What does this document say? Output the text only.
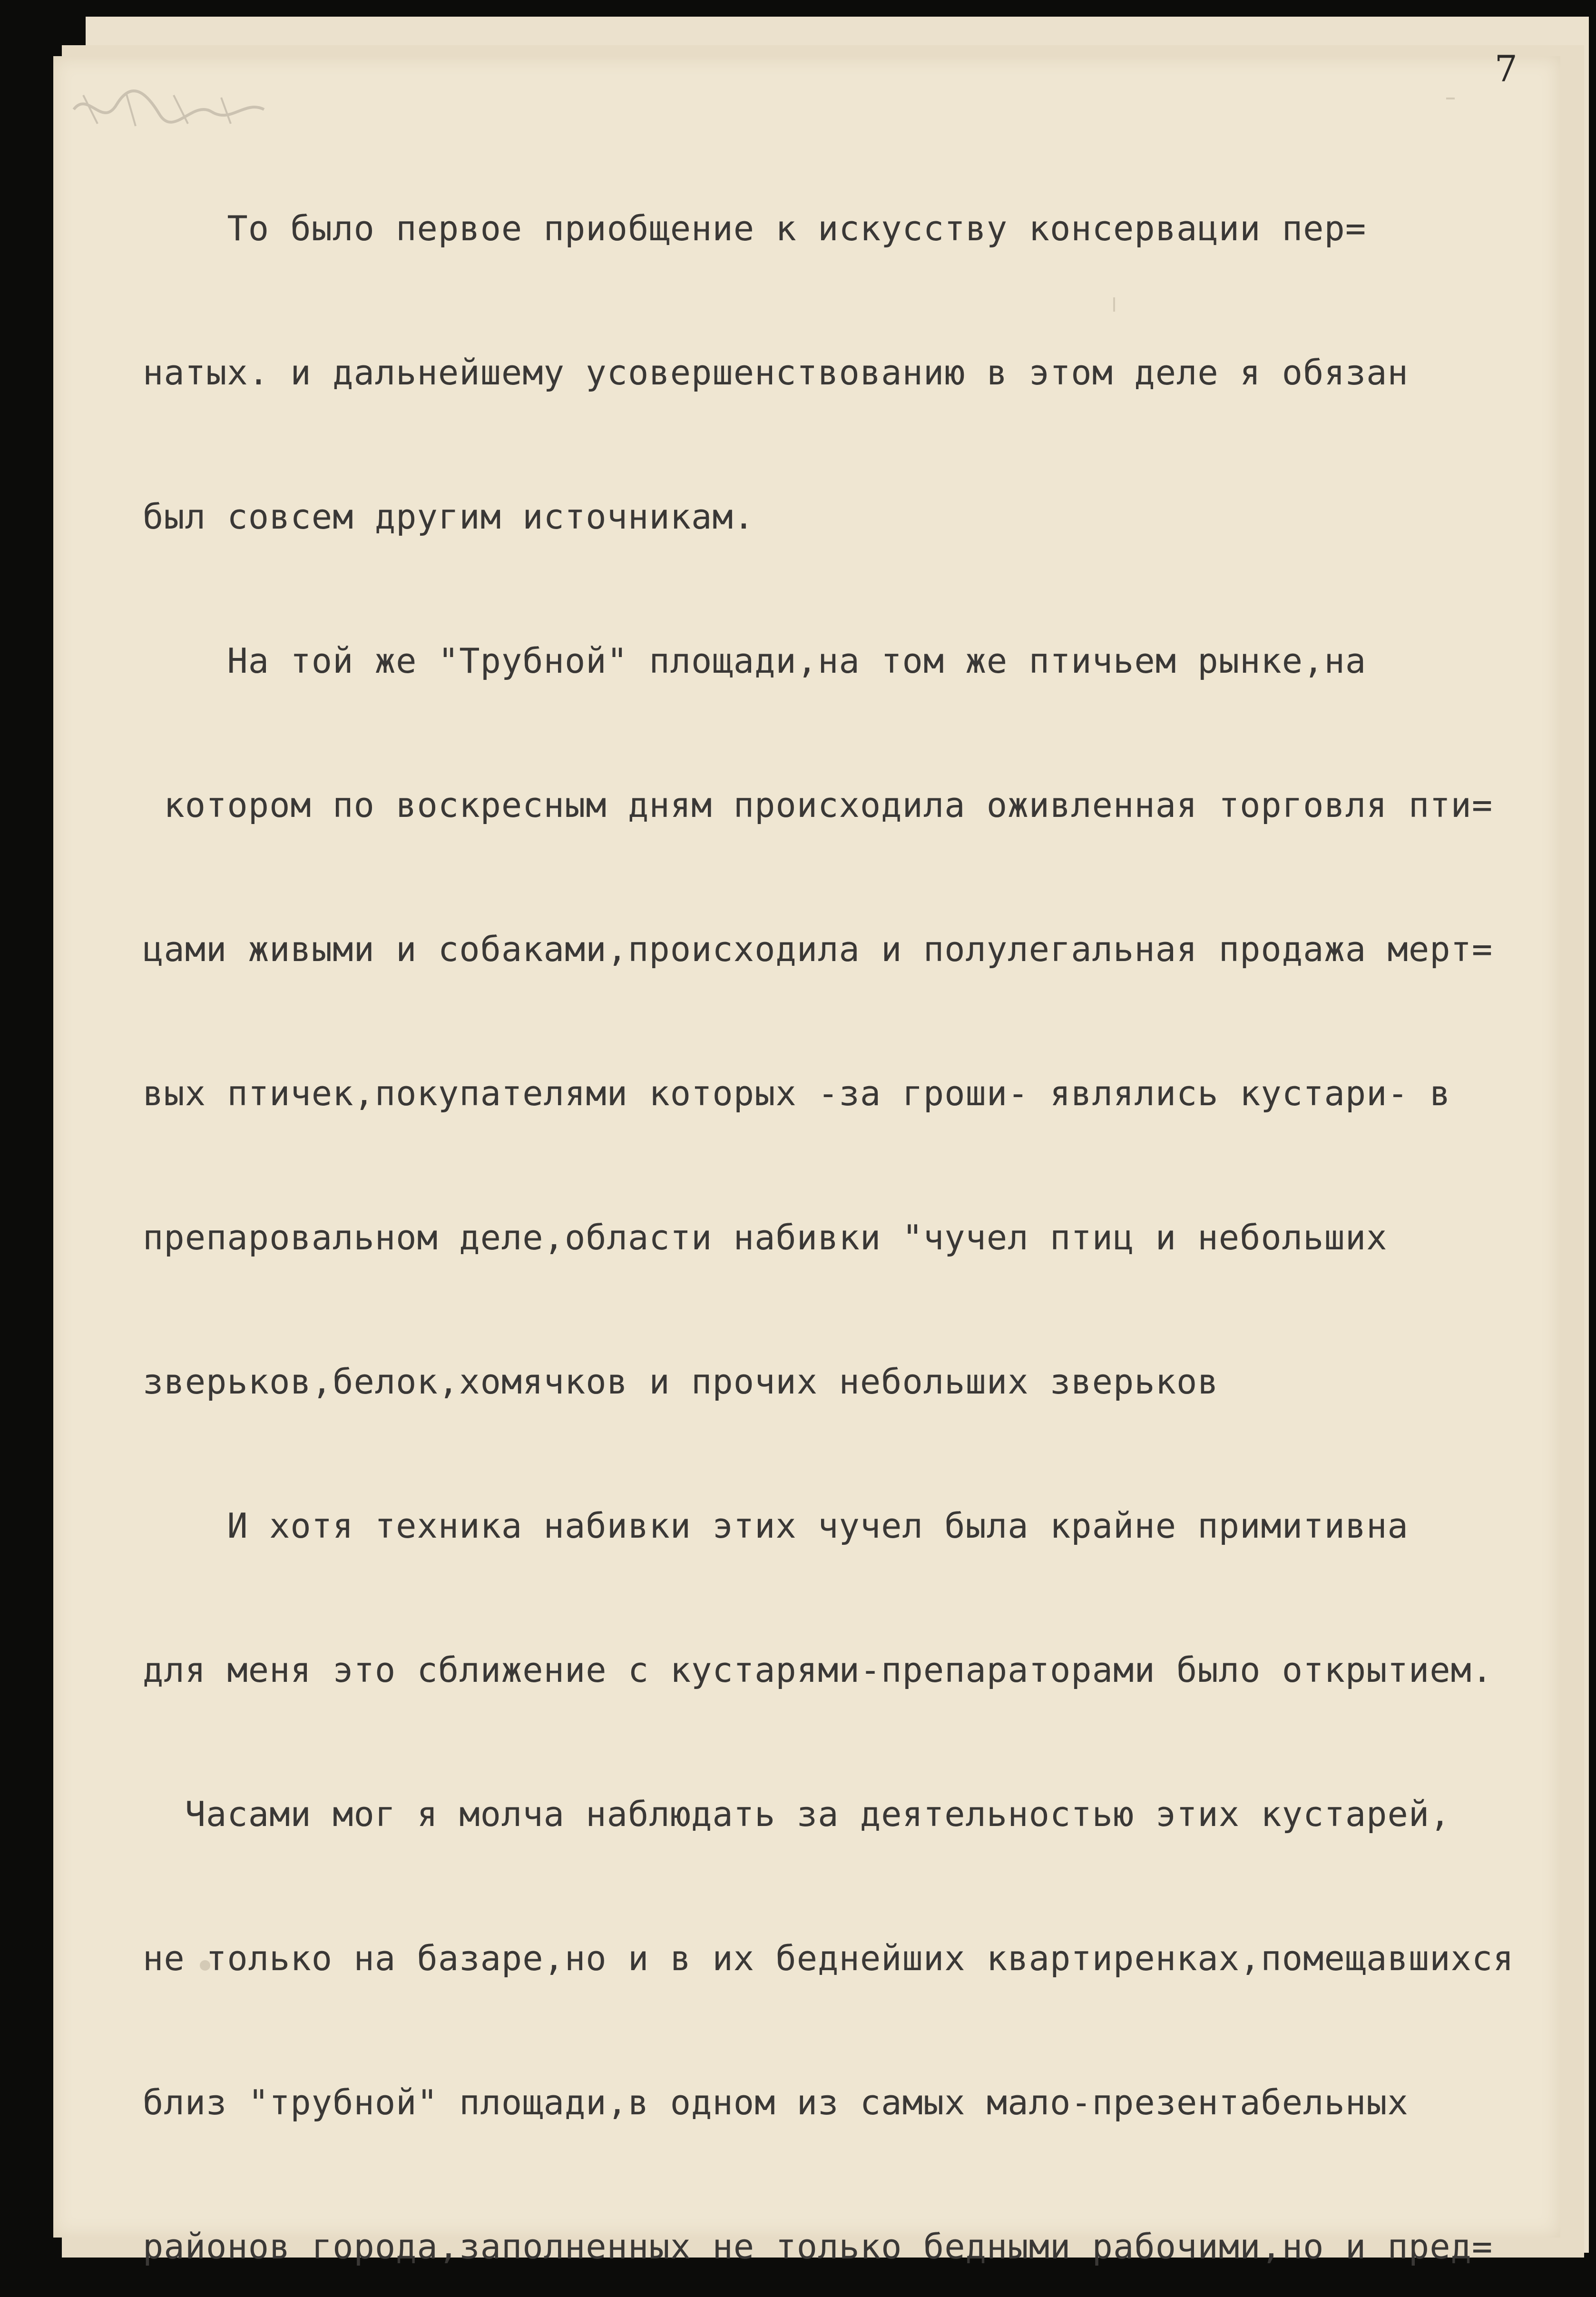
7

То было первое приобщение к искусству консервации пер=

натых. и дальнейшему усовершенствованию в этом деле я обязан

был совсем другим источникам.

На той же "Трубной" площади,на том же птичьем рынке,на

котором по воскресным дням происходила оживленная торговля пти=

цами живыми и собаками,происходила и полулегальная продажа мерт=

вых птичек,покупателями которых -за гроши- являлись кустари- в

препаровальном деле,области набивки "чучел птиц и небольших

зверьков,белок,хомячков и прочих небольших зверьков

И хотя техника набивки этих чучел была крайне примитивна

для меня это сближение с кустарями-препараторами было открытием.

Часами мог я молча наблюдать за деятельностью этих кустарей,

не только на базаре,но и в их беднейших квартиренках,помещавшихся

близ "трубной" площади,в одном из самых мало-презентабельных

районов города,заполненных не только бедными рабочими,но и пред=
